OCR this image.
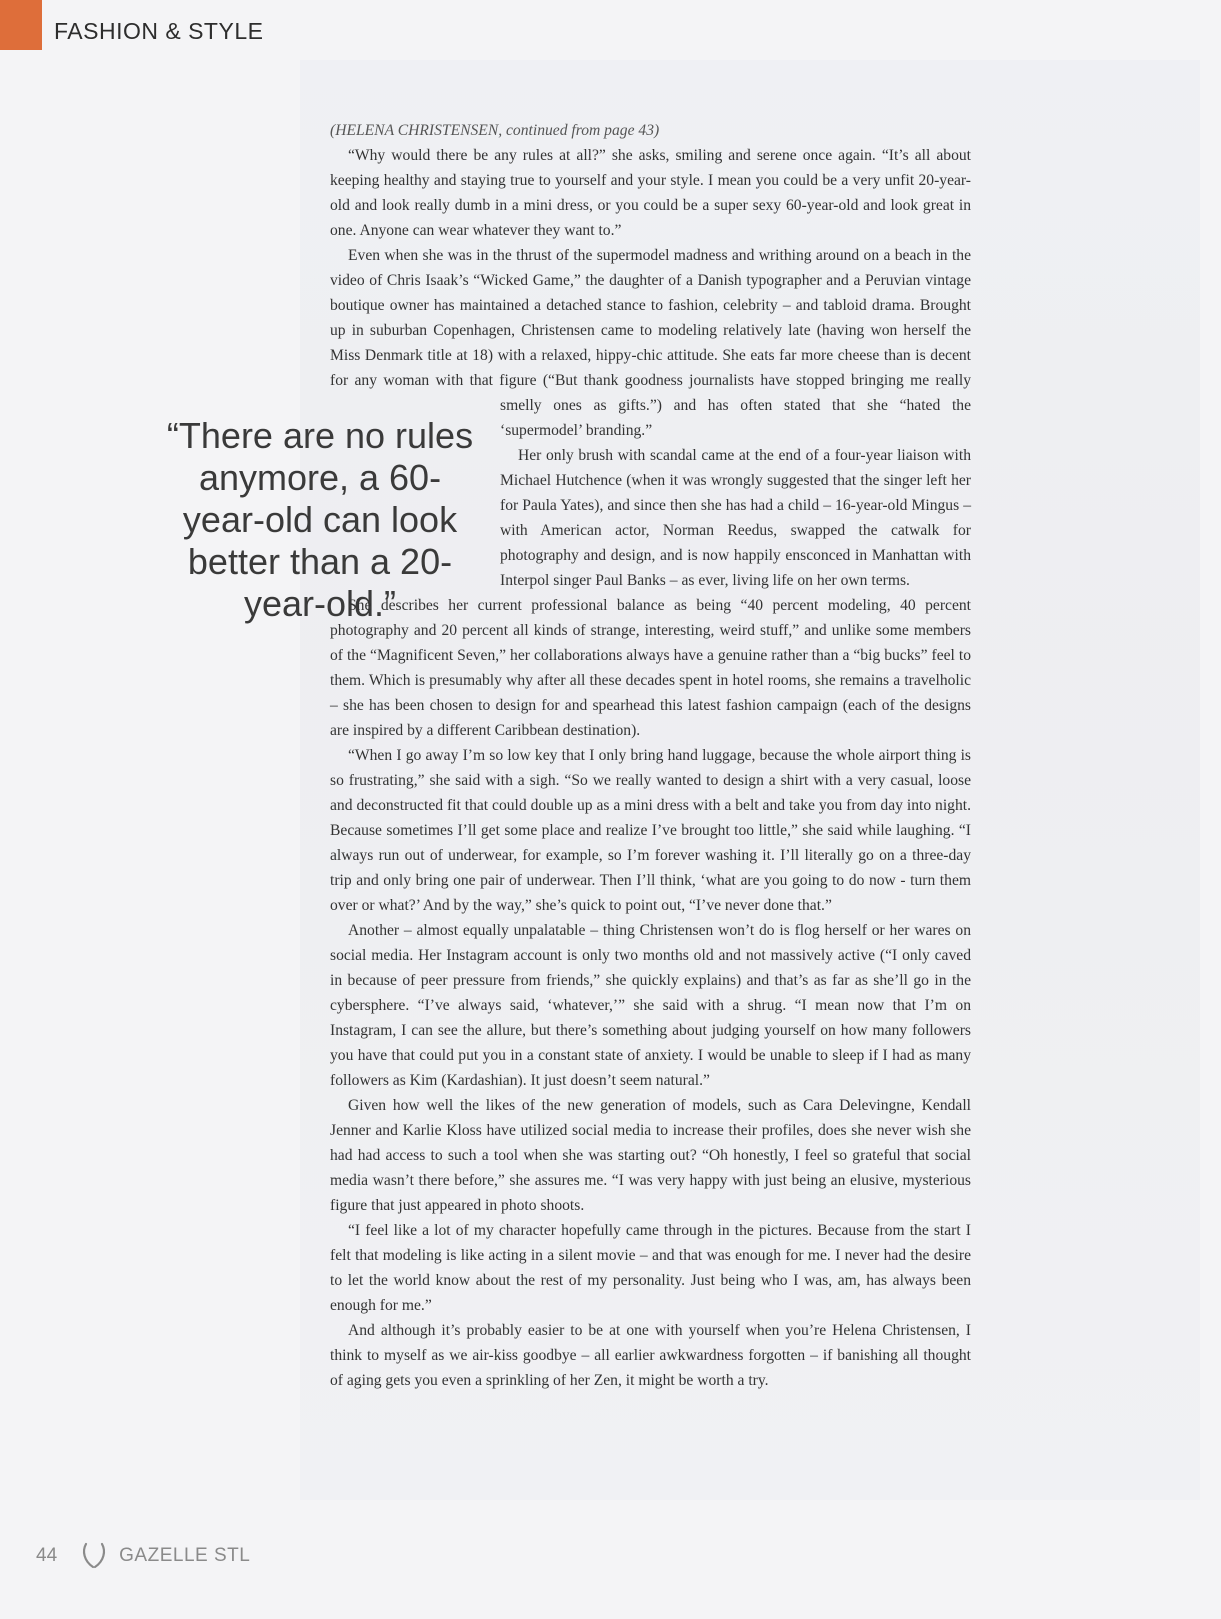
FASHION & STYLE
“There are no rules anymore, a 60-year-old can look better than a 20-year-old.”

(HELENA CHRISTENSEN, continued from page 43)

“Why would there be any rules at all?” she asks, smiling and serene once again. “It’s all about keeping healthy and staying true to yourself and your style. I mean you could be a very unfit 20-year-old and look really dumb in a mini dress, or you could be a super sexy 60-year-old and look great in one. Anyone can wear whatever they want to.”

Even when she was in the thrust of the supermodel madness and writhing around on a beach in the video of Chris Isaak’s “Wicked Game,” the daughter of a Danish typographer and a Peruvian vintage boutique owner has maintained a detached stance to fashion, celebrity – and tabloid drama. Brought up in suburban Copenhagen, Christensen came to modeling relatively late (having won herself the Miss Denmark title at 18) with a relaxed, hippy-chic attitude. She eats far more cheese than is decent for any woman with that figure
(“But thank goodness journalists have stopped bringing me really smelly ones as gifts.”) and has often stated that she “hated the ‘supermodel’ branding.”

Her only brush with scandal came at the end of a four-year liaison with Michael Hutchence (when it was wrongly suggested that the singer left her for Paula Yates), and since then she has had a child – 16-year-old Mingus – with American actor, Norman Reedus, swapped the catwalk for photography and design, and is now happily ensconced in Manhattan with Interpol singer Paul Banks – as ever, living life on her own terms.

She describes her current professional balance as being “40 percent modeling, 40 percent photography and 20 percent all kinds of strange, interesting, weird stuff,” and unlike some members of the “Magnificent Seven,” her collaborations always have a genuine rather than a “big bucks” feel to them. Which is presumably why after all these decades spent in hotel rooms, she remains a travelholic – she has been chosen to design for and spearhead this latest fashion campaign (each of the designs are inspired by a different Caribbean destination).

“When I go away I’m so low key that I only bring hand luggage, because the whole airport thing is so frustrating,” she said with a sigh. “So we really wanted to design a shirt with a very casual, loose and deconstructed fit that could double up as a mini dress with a belt and take you from day into night. Because sometimes I’ll get some place and realize I’ve brought too little,” she said while laughing. “I always run out of underwear, for example, so I’m forever washing it. I’ll literally go on a three-day trip and only bring one pair of underwear. Then I’ll think, ‘what are you going to do now - turn them over or what?’ And by the way,” she’s quick to point out, “I’ve never done that.”

Another – almost equally unpalatable – thing Christensen won’t do is flog herself or her wares on social media. Her Instagram account is only two months old and not massively active (“I only caved in because of peer pressure from friends,” she quickly explains) and that’s as far as she’ll go in the cybersphere. “I’ve always said, ‘whatever,’” she said with a shrug. “I mean now that I’m on Instagram, I can see the allure, but there’s something about judging yourself on how many followers you have that could put you in a constant state of anxiety. I would be unable to sleep if I had as many followers as Kim (Kardashian). It just doesn’t seem natural.”

Given how well the likes of the new generation of models, such as Cara Delevingne, Kendall Jenner and Karlie Kloss have utilized social media to increase their profiles, does she never wish she had had access to such a tool when she was starting out? “Oh honestly, I feel so grateful that social media wasn’t there before,” she assures me. “I was very happy with just being an elusive, mysterious figure that just appeared in photo shoots.

“I feel like a lot of my character hopefully came through in the pictures. Because from the start I felt that modeling is like acting in a silent movie – and that was enough for me. I never had the desire to let the world know about the rest of my personality. Just being who I was, am, has always been enough for me.”

And although it’s probably easier to be at one with yourself when you’re Helena Christensen, I think to myself as we air-kiss goodbye – all earlier awkwardness forgotten – if banishing all thought of aging gets you even a sprinkling of her Zen, it might be worth a try.

44	GAZELLE STL
